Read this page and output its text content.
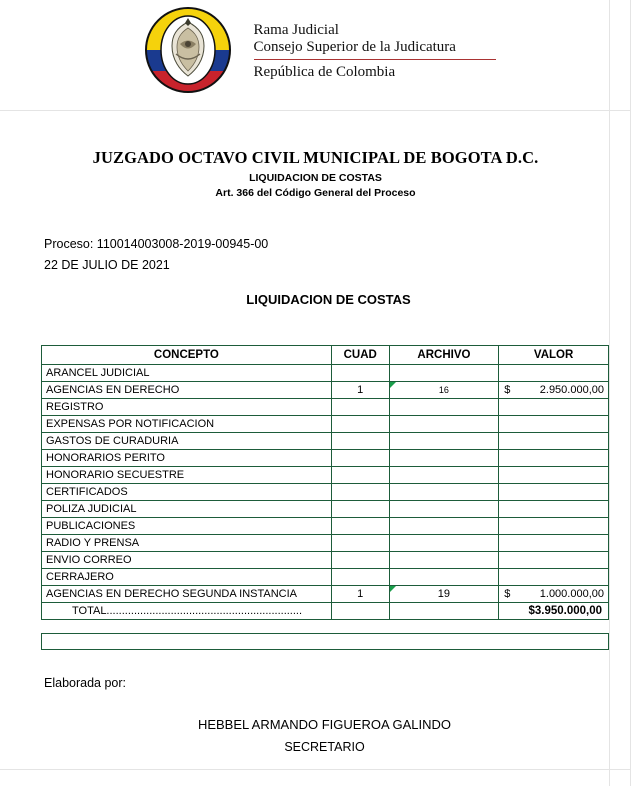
Rama Judicial
Consejo Superior de la Judicatura
República de Colombia
JUZGADO OCTAVO CIVIL MUNICIPAL DE BOGOTA D.C.
LIQUIDACION DE COSTAS
Art. 366 del Código General del Proceso
Proceso: 110014003008-2019-00945-00
22 DE JULIO DE 2021
LIQUIDACION DE COSTAS
CONCEPTO	CUAD	ARCHIVO	VALOR
ARANCEL JUDICIAL			

AGENCIAS EN DERECHO	1	16	$ 2.950.000,00
REGISTRO			

EXPENSAS POR NOTIFICACION			

GASTOS DE CURADURIA			

HONORARIOS PERITO			

HONORARIO SECUESTRE			

CERTIFICADOS			

POLIZA JUDICIAL			

PUBLICACIONES			

RADIO Y PRENSA			

ENVIO CORREO			

CERRAJERO			

AGENCIAS EN DERECHO SEGUNDA INSTANCIA	1	19	$ 1.000.000,00
TOTAL................................................................			$3.950.000,00
Elaborada por:
HEBBEL ARMANDO FIGUEROA GALINDO
SECRETARIO
